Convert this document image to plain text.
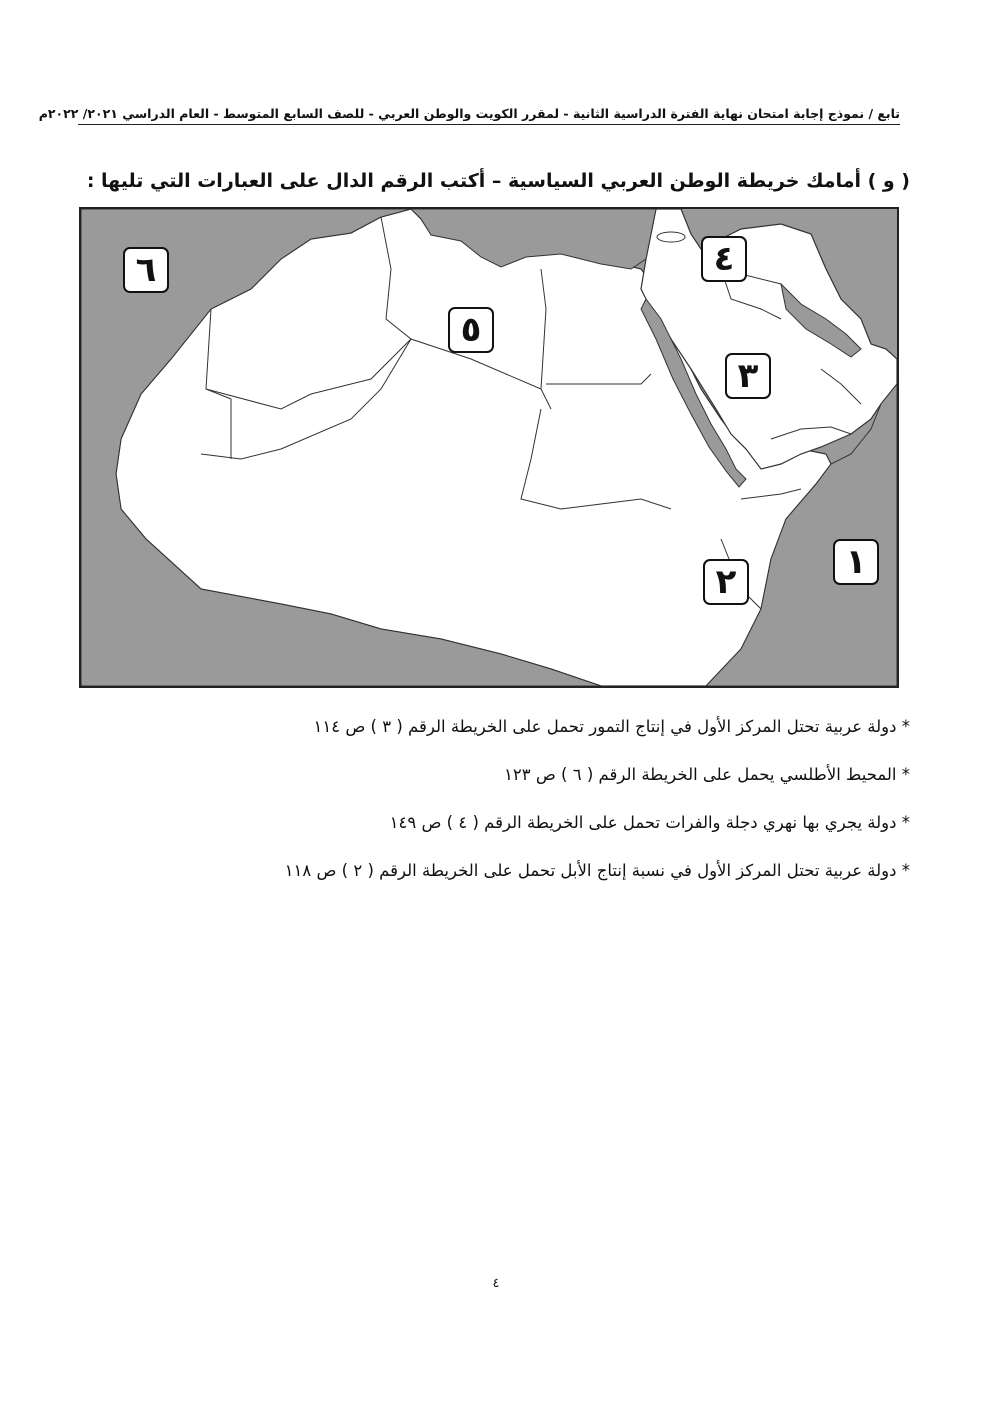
تابع / نموذج إجابة امتحان نهاية الفترة الدراسية الثانية - لمقرر الكويت والوطن العربي - للصف السابع المتوسط - العام الدراسي ٢٠٢١/ ٢٠٢٢م
( و ) أمامك خريطة الوطن العربي السياسية – أكتب الرقم الدال على العبارات التي تليها :
٦
٥
٤
٣
٢	١
* دولة عربية تحتل المركز الأول في إنتاج التمور تحمل على الخريطة الرقم ( ٣ ) ص ١١٤
* المحيط الأطلسي يحمل على الخريطة الرقم ( ٦ ) ص ١٢٣
* دولة يجري بها نهري دجلة والفرات تحمل على الخريطة الرقم ( ٤ ) ص ١٤٩
* دولة عربية تحتل المركز الأول في نسبة إنتاج الأبل تحمل على الخريطة الرقم ( ٢ ) ص ١١٨
٤
